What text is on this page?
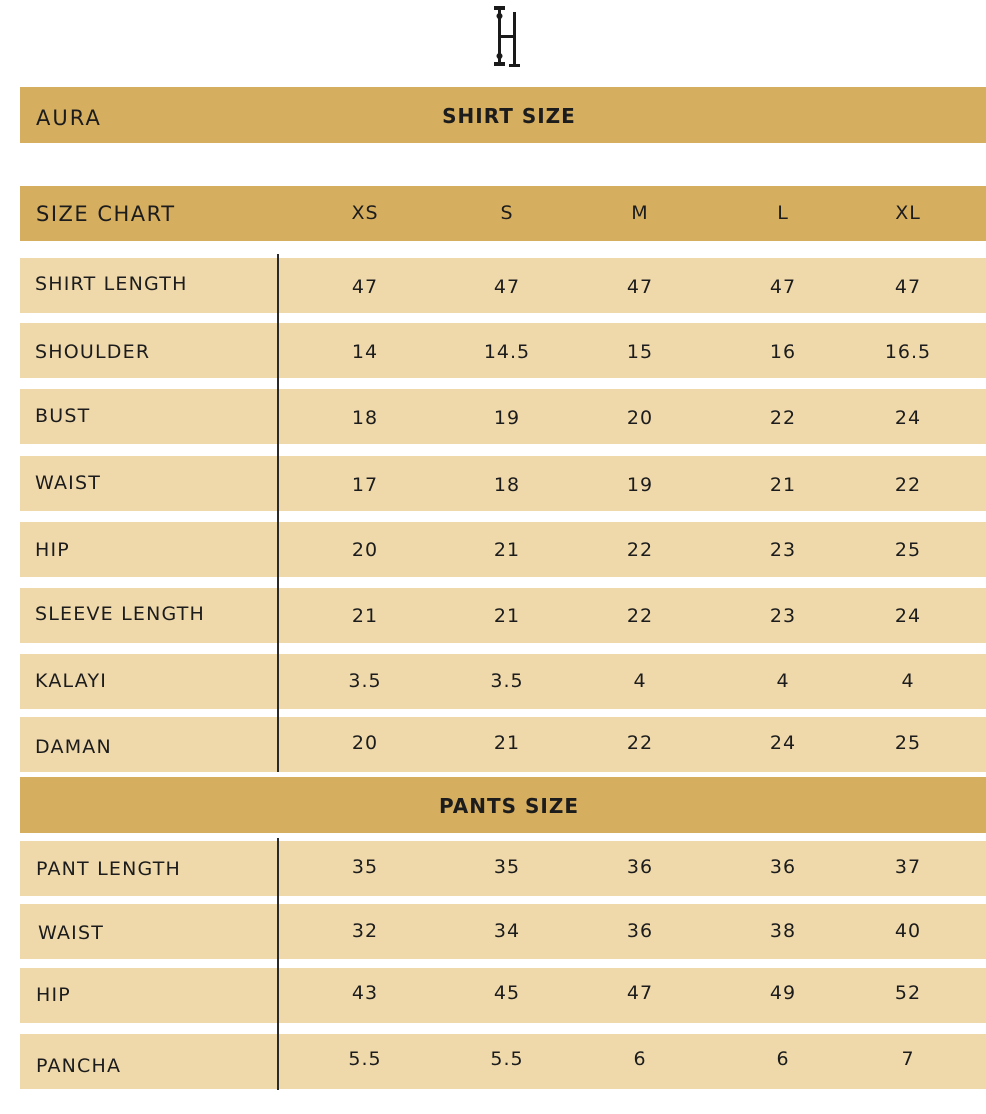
AURA	SHIRT SIZE
SIZE CHART	XS	S	M	L	XL
SHIRT LENGTH	47	47	47	47	47
SHOULDER	14	14.5	15	16	16.5
BUST	18	19	20	22	24
WAIST	17	18	19	21	22
HIP	20	21	22	23	25
SLEEVE LENGTH	21	21	22	23	24
KALAYI	3.5	3.5	4	4	4
DAMAN	20	21	22	24	25
PANTS SIZE
PANT LENGTH	35	35	36	36	37
WAIST	32	34	36	38	40
HIP	43	45	47	49	52
PANCHA	5.5	5.5	6	6	7
